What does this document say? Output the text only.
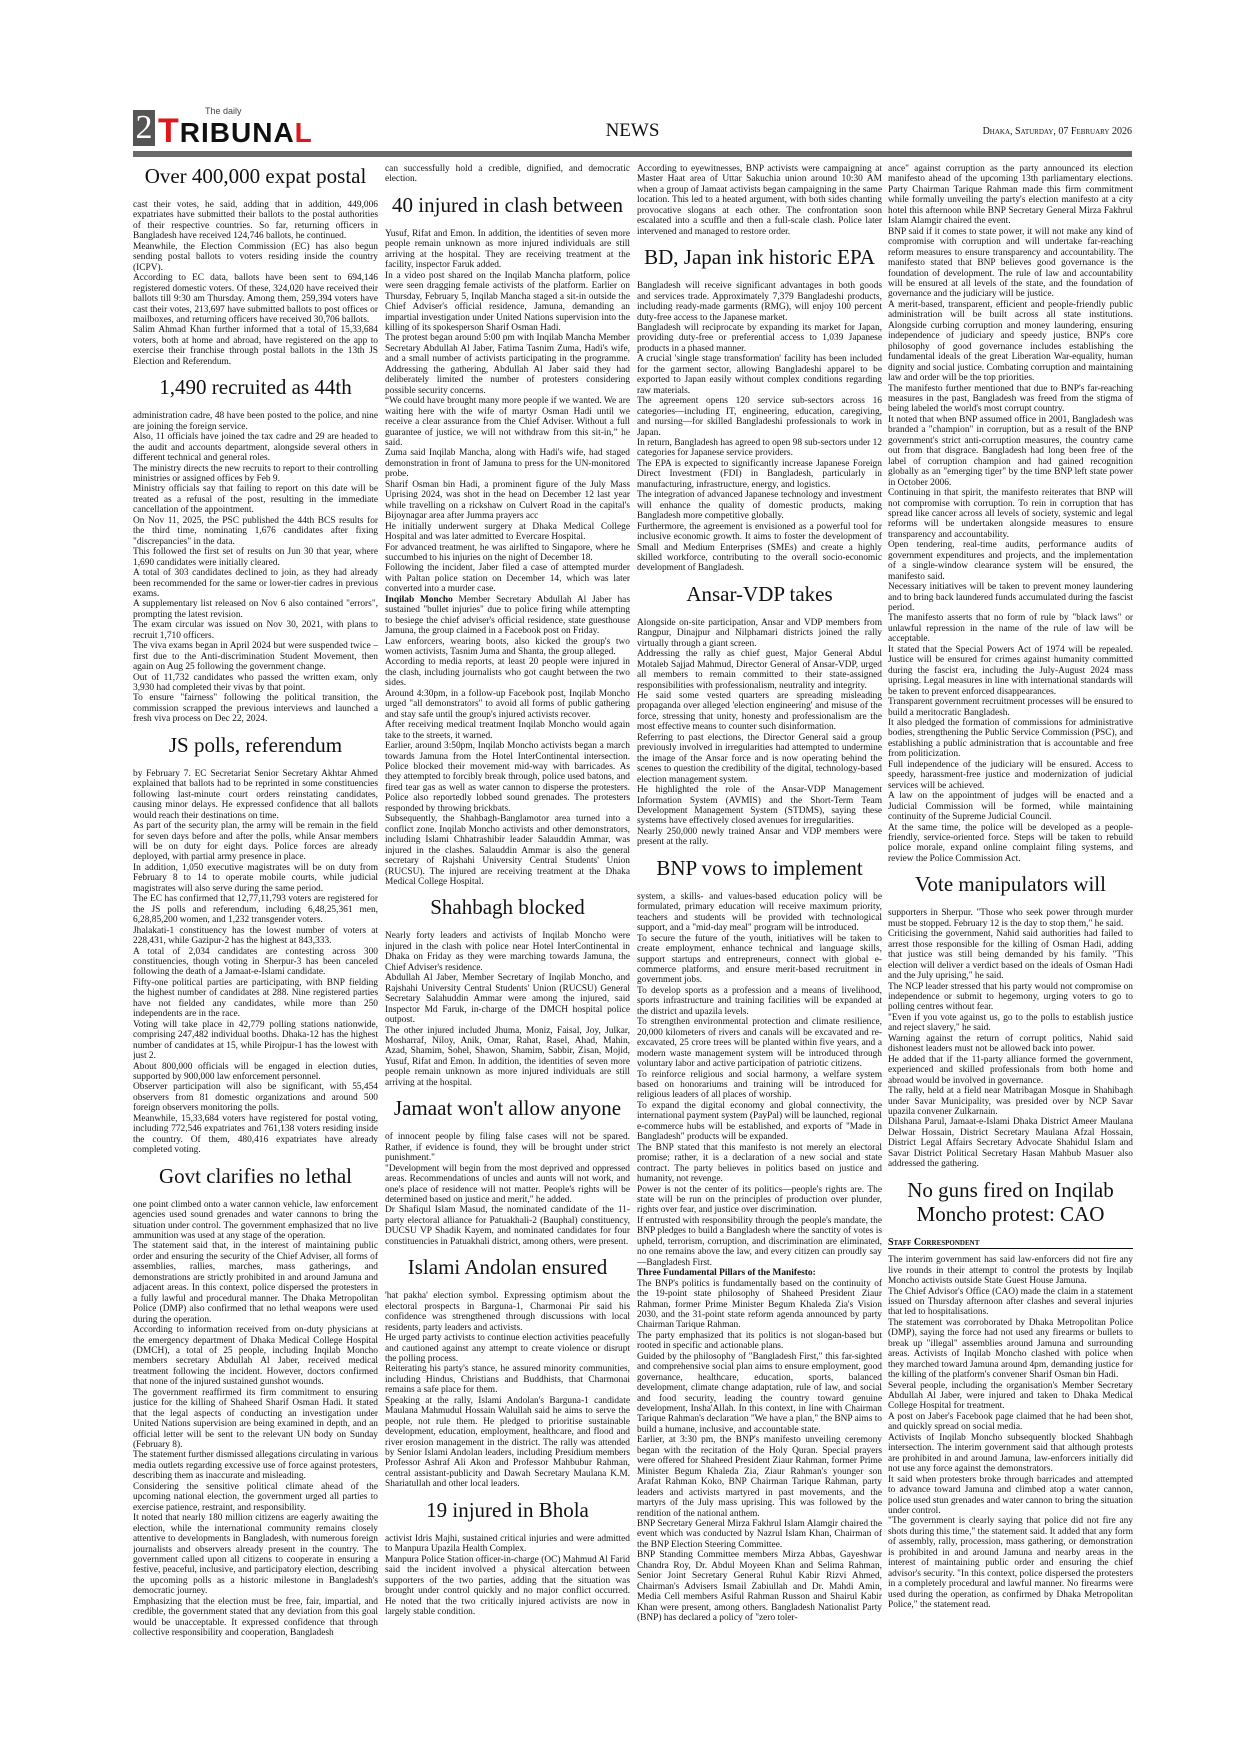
2	The daily
TRIBUNAL	NEWS	Dhaka, Saturday, 07 February 2026
Over 400,000 expat postal

cast their votes, he said, adding that in addition, 449,006 expatriates have submitted their ballots to the postal authorities of their respective countries. So far, returning officers in Bangladesh have received 124,746 ballots, he continued.

Meanwhile, the Election Commission (EC) has also begun sending postal ballots to voters residing inside the country (ICPV).

According to EC data, ballots have been sent to 694,146 registered domestic voters. Of these, 324,020 have received their ballots till 9:30 am Thursday. Among them, 259,394 voters have cast their votes, 213,697 have submitted ballots to post offices or mailboxes, and returning officers have received 30,706 ballots.

Salim Ahmad Khan further informed that a total of 15,33,684 voters, both at home and abroad, have registered on the app to exercise their franchise through postal ballots in the 13th JS Election and Referendum.

1,490 recruited as 44th

administration cadre, 48 have been posted to the police, and nine are joining the foreign service.

Also, 11 officials have joined the tax cadre and 29 are headed to the audit and accounts department, alongside several others in different technical and general roles.

The ministry directs the new recruits to report to their controlling ministries or assigned offices by Feb 9.

Ministry officials say that failing to report on this date will be treated as a refusal of the post, resulting in the immediate cancellation of the appointment.

On Nov 11, 2025, the PSC published the 44th BCS results for the third time, nominating 1,676 candidates after fixing "discrepancies" in the data.

This followed the first set of results on Jun 30 that year, where 1,690 candidates were initially cleared.

A total of 303 candidates declined to join, as they had already been recommended for the same or lower-tier cadres in previous exams.

A supplementary list released on Nov 6 also contained "errors", prompting the latest revision.

The exam circular was issued on Nov 30, 2021, with plans to recruit 1,710 officers.

The viva exams began in April 2024 but were suspended twice – first due to the Anti-discrimination Student Movement, then again on Aug 25 following the government change.

Out of 11,732 candidates who passed the written exam, only 3,930 had completed their vivas by that point.

To ensure "fairness" following the political transition, the commission scrapped the previous interviews and launched a fresh viva process on Dec 22, 2024.

JS polls, referendum

by February 7. EC Secretariat Senior Secretary Akhtar Ahmed explained that ballots had to be reprinted in some constituencies following last-minute court orders reinstating candidates, causing minor delays. He expressed confidence that all ballots would reach their destinations on time.

As part of the security plan, the army will be remain in the field for seven days before and after the polls, while Ansar members will be on duty for eight days. Police forces are already deployed, with partial army presence in place.

In addition, 1,050 executive magistrates will be on duty from February 8 to 14 to operate mobile courts, while judicial magistrates will also serve during the same period.

The EC has confirmed that 12,77,11,793 voters are registered for the JS polls and referendum, including 6,48,25,361 men, 6,28,85,200 women, and 1,232 transgender voters.

Jhalakati-1 constituency has the lowest number of voters at 228,431, while Gazipur-2 has the highest at 843,333.

A total of 2,034 candidates are contesting across 300 constituencies, though voting in Sherpur-3 has been canceled following the death of a Jamaat-e-Islami candidate.

Fifty-one political parties are participating, with BNP fielding the highest number of candidates at 288. Nine registered parties have not fielded any candidates, while more than 250 independents are in the race.

Voting will take place in 42,779 polling stations nationwide, comprising 247,482 individual booths. Dhaka-12 has the highest number of candidates at 15, while Pirojpur-1 has the lowest with just 2.

About 800,000 officials will be engaged in election duties, supported by 900,000 law enforcement personnel.

Observer participation will also be significant, with 55,454 observers from 81 domestic organizations and around 500 foreign observers monitoring the polls.

Meanwhile, 15,33,684 voters have registered for postal voting, including 772,546 expatriates and 761,138 voters residing inside the country. Of them, 480,416 expatriates have already completed voting.

Govt clarifies no lethal

one point climbed onto a water cannon vehicle, law enforcement agencies used sound grenades and water cannons to bring the situation under control. The government emphasized that no live ammunition was used at any stage of the operation.

The statement said that, in the interest of maintaining public order and ensuring the security of the Chief Adviser, all forms of assemblies, rallies, marches, mass gatherings, and demonstrations are strictly prohibited in and around Jamuna and adjacent areas. In this context, police dispersed the protesters in a fully lawful and procedural manner. The Dhaka Metropolitan Police (DMP) also confirmed that no lethal weapons were used during the operation.

According to information received from on-duty physicians at the emergency department of Dhaka Medical College Hospital (DMCH), a total of 25 people, including Inqilab Moncho members secretary Abdullah Al Jaber, received medical treatment following the incident. However, doctors confirmed that none of the injured sustained gunshot wounds.

The government reaffirmed its firm commitment to ensuring justice for the killing of Shaheed Sharif Osman Hadi. It stated that the legal aspects of conducting an investigation under United Nations supervision are being examined in depth, and an official letter will be sent to the relevant UN body on Sunday (February 8).

The statement further dismissed allegations circulating in various media outlets regarding excessive use of force against protesters, describing them as inaccurate and misleading.

Considering the sensitive political climate ahead of the upcoming national election, the government urged all parties to exercise patience, restraint, and responsibility.

It noted that nearly 180 million citizens are eagerly awaiting the election, while the international community remains closely attentive to developments in Bangladesh, with numerous foreign journalists and observers already present in the country. The government called upon all citizens to cooperate in ensuring a festive, peaceful, inclusive, and participatory election, describing the upcoming polls as a historic milestone in Bangladesh's democratic journey.

Emphasizing that the election must be free, fair, impartial, and credible, the government stated that any deviation from this goal would be unacceptable. It expressed confidence that through collective responsibility and cooperation, Bangladesh

can successfully hold a credible, dignified, and democratic election.

40 injured in clash between

Yusuf, Rifat and Emon. In addition, the identities of seven more people remain unknown as more injured individuals are still arriving at the hospital. They are receiving treatment at the facility, inspector Faruk added.

In a video post shared on the Inqilab Mancha platform, police were seen dragging female activists of the platform. Earlier on Thursday, February 5, Inqilab Mancha staged a sit-in outside the Chief Adviser's official residence, Jamuna, demanding an impartial investigation under United Nations supervision into the killing of its spokesperson Sharif Osman Hadi.

The protest began around 5:00 pm with Inqilab Mancha Member Secretary Abdullah Al Jaber, Fatima Tasnim Zuma, Hadi's wife, and a small number of activists participating in the programme. Addressing the gathering, Abdullah Al Jaber said they had deliberately limited the number of protesters considering possible security concerns.

“We could have brought many more people if we wanted. We are waiting here with the wife of martyr Osman Hadi until we receive a clear assurance from the Chief Adviser. Without a full guarantee of justice, we will not withdraw from this sit-in,” he said.

Zuma said Inqilab Mancha, along with Hadi's wife, had staged demonstration in front of Jamuna to press for the UN-monitored probe.

Sharif Osman bin Hadi, a prominent figure of the July Mass Uprising 2024, was shot in the head on December 12 last year while travelling on a rickshaw on Culvert Road in the capital's Bijoynagar area after Jumma prayers acc

He initially underwent surgery at Dhaka Medical College Hospital and was later admitted to Evercare Hospital.

For advanced treatment, he was airlifted to Singapore, where he succumbed to his injuries on the night of December 18.

Following the incident, Jaber filed a case of attempted murder with Paltan police station on December 14, which was later converted into a murder case.

Inqilab Moncho Member Secretary Abdullah Al Jaber has sustained "bullet injuries" due to police firing while attempting to besiege the chief adviser's official residence, state guesthouse Jamuna, the group claimed in a Facebook post on Friday.

Law enforcers, wearing boots, also kicked the group's two women activists, Tasnim Juma and Shanta, the group alleged.

According to media reports, at least 20 people were injured in the clash, including journalists who got caught between the two sides.

Around 4:30pm, in a follow-up Facebook post, Inqilab Moncho urged "all demonstrators" to avoid all forms of public gathering and stay safe until the group's injured activists recover.

After receiving medical treatment Inqilab Moncho would again take to the streets, it warned.

Earlier, around 3:50pm, Inqilab Moncho activists began a march towards Jamuna from the Hotel InterContinental intersection. Police blocked their movement mid-way with barricades. As they attempted to forcibly break through, police used batons, and fired tear gas as well as water cannon to disperse the protesters. Police also reportedly lobbed sound grenades. The protesters responded by throwing brickbats.

Subsequently, the Shahbagh-Banglamotor area turned into a conflict zone. Inqilab Moncho activists and other demonstrators, including Islami Chhatrashibir leader Salauddin Ammar, was injured in the clashes. Salauddin Ammar is also the general secretary of Rajshahi University Central Students' Union (RUCSU). The injured are receiving treatment at the Dhaka Medical College Hospital.

Shahbagh blocked

Nearly forty leaders and activists of Inqilab Moncho were injured in the clash with police near Hotel InterContinental in Dhaka on Friday as they were marching towards Jamuna, the Chief Adviser's residence.

Abdullah Al Jaber, Member Secretary of Inqilab Moncho, and Rajshahi University Central Students' Union (RUCSU) General Secretary Salahuddin Ammar were among the injured, said Inspector Md Faruk, in-charge of the DMCH hospital police outpost.

The other injured included Jhuma, Moniz, Faisal, Joy, Julkar, Mosharraf, Niloy, Anik, Omar, Rahat, Rasel, Ahad, Mahin, Azad, Shamim, Sohel, Shawon, Shamim, Sabbir, Zisan, Mojid, Yusuf, Rifat and Emon. In addition, the identities of seven more people remain unknown as more injured individuals are still arriving at the hospital.

Jamaat won't allow anyone

of innocent people by filing false cases will not be spared. Rather, if evidence is found, they will be brought under strict punishment."

"Development will begin from the most deprived and oppressed areas. Recommendations of uncles and aunts will not work, and one's place of residence will not matter. People's rights will be determined based on justice and merit," he added.

Dr Shafiqul Islam Masud, the nominated candidate of the 11-party electoral alliance for Patuakhali-2 (Bauphal) constituency, DUCSU VP Shadik Kayem, and nominated candidates for four constituencies in Patuakhali district, among others, were present.

Islami Andolan ensured

'hat pakha' election symbol. Expressing optimism about the electoral prospects in Barguna-1, Charmonai Pir said his confidence was strengthened through discussions with local residents, party leaders and activists.

He urged party activists to continue election activities peacefully and cautioned against any attempt to create violence or disrupt the polling process.

Reiterating his party's stance, he assured minority communities, including Hindus, Christians and Buddhists, that Charmonai remains a safe place for them.

Speaking at the rally, Islami Andolan's Barguna-1 candidate Maulana Mahmudul Hossain Walullah said he aims to serve the people, not rule them. He pledged to prioritise sustainable development, education, employment, healthcare, and flood and river erosion management in the district. The rally was attended by Senior Islami Andolan leaders, including Presidium members Professor Ashraf Ali Akon and Professor Mahbubur Rahman, central assistant-publicity and Dawah Secretary Maulana K.M. Shariatullah and other local leaders.

19 injured in Bhola

activist Idris Majhi, sustained critical injuries and were admitted to Manpura Upazila Health Complex.

Manpura Police Station officer-in-charge (OC) Mahmud Al Farid said the incident involved a physical altercation between supporters of the two parties, adding that the situation was brought under control quickly and no major conflict occurred. He noted that the two critically injured activists are now in largely stable condition.

According to eyewitnesses, BNP activists were campaigning at Master Haat area of Uttar Sakuchia union around 10:30 AM when a group of Jamaat activists began campaigning in the same location. This led to a heated argument, with both sides chanting provocative slogans at each other. The confrontation soon escalated into a scuffle and then a full-scale clash. Police later intervened and managed to restore order.

BD, Japan ink historic EPA

Bangladesh will receive significant advantages in both goods and services trade. Approximately 7,379 Bangladeshi products, including ready-made garments (RMG), will enjoy 100 percent duty-free access to the Japanese market.

Bangladesh will reciprocate by expanding its market for Japan, providing duty-free or preferential access to 1,039 Japanese products in a phased manner.

A crucial 'single stage transformation' facility has been included for the garment sector, allowing Bangladeshi apparel to be exported to Japan easily without complex conditions regarding raw materials.

The agreement opens 120 service sub-sectors across 16 categories—including IT, engineering, education, caregiving, and nursing—for skilled Bangladeshi professionals to work in Japan.

In return, Bangladesh has agreed to open 98 sub-sectors under 12 categories for Japanese service providers.

The EPA is expected to significantly increase Japanese Foreign Direct Investment (FDI) in Bangladesh, particularly in manufacturing, infrastructure, energy, and logistics.

The integration of advanced Japanese technology and investment will enhance the quality of domestic products, making Bangladesh more competitive globally.

Furthermore, the agreement is envisioned as a powerful tool for inclusive economic growth. It aims to foster the development of Small and Medium Enterprises (SMEs) and create a highly skilled workforce, contributing to the overall socio-economic development of Bangladesh.

Ansar-VDP takes

Alongside on-site participation, Ansar and VDP members from Rangpur, Dinajpur and Nilphamari districts joined the rally virtually through a giant screen.

Addressing the rally as chief guest, Major General Abdul Motaleb Sajjad Mahmud, Director General of Ansar-VDP, urged all members to remain committed to their state-assigned responsibilities with professionalism, neutrality and integrity.

He said some vested quarters are spreading misleading propaganda over alleged 'election engineering' and misuse of the force, stressing that unity, honesty and professionalism are the most effective means to counter such disinformation.

Referring to past elections, the Director General said a group previously involved in irregularities had attempted to undermine the image of the Ansar force and is now operating behind the scenes to question the credibility of the digital, technology-based election management system.

He highlighted the role of the Ansar-VDP Management Information System (AVMIS) and the Short-Term Team Development Management System (STDMS), saying these systems have effectively closed avenues for irregularities.

Nearly 250,000 newly trained Ansar and VDP members were present at the rally.

BNP vows to implement

system, a skills- and values-based education policy will be formulated, primary education will receive maximum priority, teachers and students will be provided with technological support, and a "mid-day meal" program will be introduced.

To secure the future of the youth, initiatives will be taken to create employment, enhance technical and language skills, support startups and entrepreneurs, connect with global e-commerce platforms, and ensure merit-based recruitment in government jobs.

To develop sports as a profession and a means of livelihood, sports infrastructure and training facilities will be expanded at the district and upazila levels.

To strengthen environmental protection and climate resilience, 20,000 kilometers of rivers and canals will be excavated and re-excavated, 25 crore trees will be planted within five years, and a modern waste management system will be introduced through voluntary labor and active participation of patriotic citizens.

To reinforce religious and social harmony, a welfare system based on honorariums and training will be introduced for religious leaders of all places of worship.

To expand the digital economy and global connectivity, the international payment system (PayPal) will be launched, regional e-commerce hubs will be established, and exports of "Made in Bangladesh" products will be expanded.

The BNP stated that this manifesto is not merely an electoral promise; rather, it is a declaration of a new social and state contract. The party believes in politics based on justice and humanity, not revenge.

Power is not the center of its politics—people's rights are. The state will be run on the principles of production over plunder, rights over fear, and justice over discrimination.

If entrusted with responsibility through the people's mandate, the BNP pledges to build a Bangladesh where the sanctity of votes is upheld, terrorism, corruption, and discrimination are eliminated, no one remains above the law, and every citizen can proudly say—Bangladesh First.

Three Fundamental Pillars of the Manifesto:

The BNP's politics is fundamentally based on the continuity of the 19-point state philosophy of Shaheed President Ziaur Rahman, former Prime Minister Begum Khaleda Zia's Vision 2030, and the 31-point state reform agenda announced by party Chairman Tarique Rahman.

The party emphasized that its politics is not slogan-based but rooted in specific and actionable plans.

Guided by the philosophy of "Bangladesh First," this far-sighted and comprehensive social plan aims to ensure employment, good governance, healthcare, education, sports, balanced development, climate change adaptation, rule of law, and social and food security, leading the country toward genuine development, Insha'Allah. In this context, in line with Chairman Tarique Rahman's declaration "We have a plan," the BNP aims to build a humane, inclusive, and accountable state.

Earlier, at 3:30 pm, the BNP's manifesto unveiling ceremony began with the recitation of the Holy Quran. Special prayers were offered for Shaheed President Ziaur Rahman, former Prime Minister Begum Khaleda Zia, Ziaur Rahman's younger son Arafat Rahman Koko, BNP Chairman Tarique Rahman, party leaders and activists martyred in past movements, and the martyrs of the July mass uprising. This was followed by the rendition of the national anthem.

BNP Secretary General Mirza Fakhrul Islam Alamgir chaired the event which was conducted by Nazrul Islam Khan, Chairman of the BNP Election Steering Committee.

BNP Standing Committee members Mirza Abbas, Gayeshwar Chandra Roy, Dr. Abdul Moyeen Khan and Selima Rahman, Senior Joint Secretary General Ruhul Kabir Rizvi Ahmed, Chairman's Advisers Ismail Zabiullah and Dr. Mahdi Amin, Media Cell members Asiful Rahman Russon and Shairul Kabir Khan were present, among others. Bangladesh Nationalist Party (BNP) has declared a policy of "zero toler-

ance" against corruption as the party announced its election manifesto ahead of the upcoming 13th parliamentary elections. Party Chairman Tarique Rahman made this firm commitment while formally unveiling the party's election manifesto at a city hotel this afternoon while BNP Secretary General Mirza Fakhrul Islam Alamgir chaired the event.

BNP said if it comes to state power, it will not make any kind of compromise with corruption and will undertake far-reaching reform measures to ensure transparency and accountability. The manifesto stated that BNP believes good governance is the foundation of development. The rule of law and accountability will be ensured at all levels of the state, and the foundation of governance and the judiciary will be justice.

A merit-based, transparent, efficient and people-friendly public administration will be built across all state institutions. Alongside curbing corruption and money laundering, ensuring independence of judiciary and speedy justice, BNP's core philosophy of good governance includes establishing the fundamental ideals of the great Liberation War-equality, human dignity and social justice. Combating corruption and maintaining law and order will be the top priorities.

The manifesto further mentioned that due to BNP's far-reaching measures in the past, Bangladesh was freed from the stigma of being labeled the world's most corrupt country.

It noted that when BNP assumed office in 2001, Bangladesh was branded a "champion" in corruption, but as a result of the BNP government's strict anti-corruption measures, the country came out from that disgrace. Bangladesh had long been free of the label of corruption champion and had gained recognition globally as an "emerging tiger" by the time BNP left state power in October 2006.

Continuing in that spirit, the manifesto reiterates that BNP will not compromise with corruption. To rein in corruption that has spread like cancer across all levels of society, systemic and legal reforms will be undertaken alongside measures to ensure transparency and accountability.

Open tendering, real-time audits, performance audits of government expenditures and projects, and the implementation of a single-window clearance system will be ensured, the manifesto said.

Necessary initiatives will be taken to prevent money laundering and to bring back laundered funds accumulated during the fascist period.

The manifesto asserts that no form of rule by "black laws" or unlawful repression in the name of the rule of law will be acceptable.

It stated that the Special Powers Act of 1974 will be repealed. Justice will be ensured for crimes against humanity committed during the fascist era, including the July-August 2024 mass uprising. Legal measures in line with international standards will be taken to prevent enforced disappearances.

Transparent government recruitment processes will be ensured to build a meritocratic Bangladesh.

It also pledged the formation of commissions for administrative bodies, strengthening the Public Service Commission (PSC), and establishing a public administration that is accountable and free from politicization.

Full independence of the judiciary will be ensured. Access to speedy, harassment-free justice and modernization of judicial services will be achieved.

A law on the appointment of judges will be enacted and a Judicial Commission will be formed, while maintaining continuity of the Supreme Judicial Council.

At the same time, the police will be developed as a people-friendly, service-oriented force. Steps will be taken to rebuild police morale, expand online complaint filing systems, and review the Police Commission Act.

Vote manipulators will

supporters in Sherpur. "Those who seek power through murder must be stopped. February 12 is the day to stop them," he said.

Criticising the government, Nahid said authorities had failed to arrest those responsible for the killing of Osman Hadi, adding that justice was still being demanded by his family. "This election will deliver a verdict based on the ideals of Osman Hadi and the July uprising," he said.

The NCP leader stressed that his party would not compromise on independence or submit to hegemony, urging voters to go to polling centres without fear.

"Even if you vote against us, go to the polls to establish justice and reject slavery," he said.

Warning against the return of corrupt politics, Nahid said dishonest leaders must not be allowed back into power.

He added that if the 11-party alliance formed the government, experienced and skilled professionals from both home and abroad would be involved in governance.

The rally, held at a field near Matribagan Mosque in Shahibagh under Savar Municipality, was presided over by NCP Savar upazila convener Zulkarnain.

Dilshana Parul, Jamaat-e-Islami Dhaka District Ameer Maulana Delwar Hossain, District Secretary Maulana Afzal Hossain, District Legal Affairs Secretary Advocate Shahidul Islam and Savar District Political Secretary Hasan Mahbub Masuer also addressed the gathering.

No guns fired on Inqilab Moncho protest: CAO
Staff Correspondent

The interim government has said law-enforcers did not fire any live rounds in their attempt to control the protests by Inqilab Moncho activists outside State Guest House Jamuna.

The Chief Advisor's Office (CAO) made the claim in a statement issued on Thursday afternoon after clashes and several injuries that led to hospitalisations.

The statement was corroborated by Dhaka Metropolitan Police (DMP), saying the force had not used any firearms or bullets to break up "illegal" assemblies around Jamuna and surrounding areas. Activists of Inqilab Moncho clashed with police when they marched toward Jamuna around 4pm, demanding justice for the killing of the platform's convener Sharif Osman bin Hadi.

Several people, including the organisation's Member Secretary Abdullah Al Jaber, were injured and taken to Dhaka Medical College Hospital for treatment.

A post on Jaber's Facebook page claimed that he had been shot, and quickly spread on social media.

Activists of Inqilab Moncho subsequently blocked Shahbagh intersection. The interim government said that although protests are prohibited in and around Jamuna, law-enforcers initially did not use any force against the demonstrators.

It said when protesters broke through barricades and attempted to advance toward Jamuna and climbed atop a water cannon, police used stun grenades and water cannon to bring the situation under control.

"The government is clearly saying that police did not fire any shots during this time," the statement said. It added that any form of assembly, rally, procession, mass gathering, or demonstration is prohibited in and around Jamuna and nearby areas in the interest of maintaining public order and ensuring the chief advisor's security. "In this context, police dispersed the protesters in a completely procedural and lawful manner. No firearms were used during the operation, as confirmed by Dhaka Metropolitan Police," the statement read.
